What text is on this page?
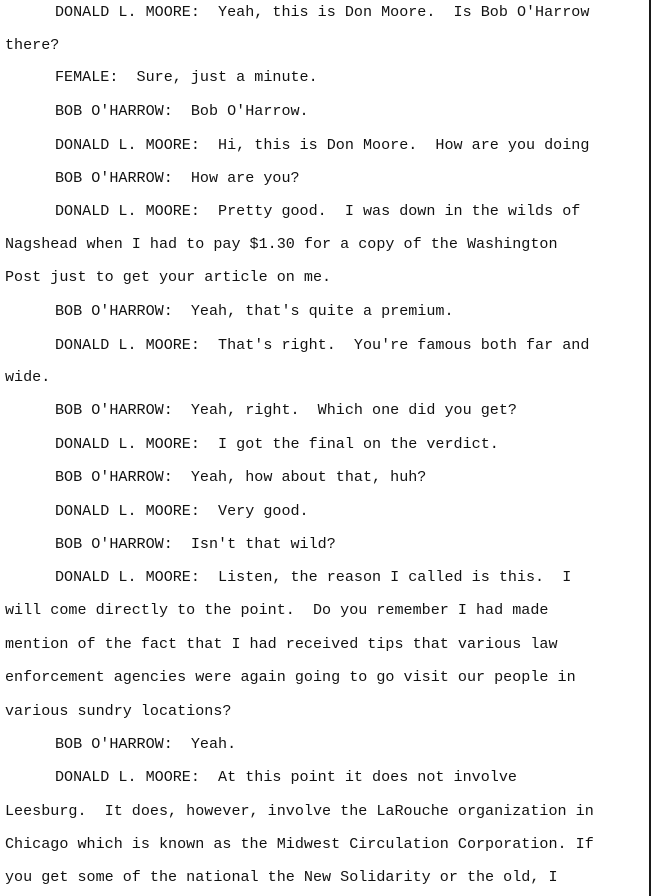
DONALD L. MOORE:  Yeah, this is Don Moore.  Is Bob O'Harrow
there?
FEMALE:  Sure, just a minute.
BOB O'HARROW:  Bob O'Harrow.
DONALD L. MOORE:  Hi, this is Don Moore.  How are you doing
BOB O'HARROW:  How are you?
DONALD L. MOORE:  Pretty good.  I was down in the wilds of
Nagshead when I had to pay $1.30 for a copy of the Washington
Post just to get your article on me.
BOB O'HARROW:  Yeah, that's quite a premium.
DONALD L. MOORE:  That's right.  You're famous both far and
wide.
BOB O'HARROW:  Yeah, right.  Which one did you get?
DONALD L. MOORE:  I got the final on the verdict.
BOB O'HARROW:  Yeah, how about that, huh?
DONALD L. MOORE:  Very good.
BOB O'HARROW:  Isn't that wild?
DONALD L. MOORE:  Listen, the reason I called is this.  I
will come directly to the point.  Do you remember I had made
mention of the fact that I had received tips that various law
enforcement agencies were again going to go visit our people in
various sundry locations?
BOB O'HARROW:  Yeah.
DONALD L. MOORE:  At this point it does not involve
Leesburg.  It does, however, involve the LaRouche organization in
Chicago which is known as the Midwest Circulation Corporation. If
you get some of the national the New Solidarity or the old, I
